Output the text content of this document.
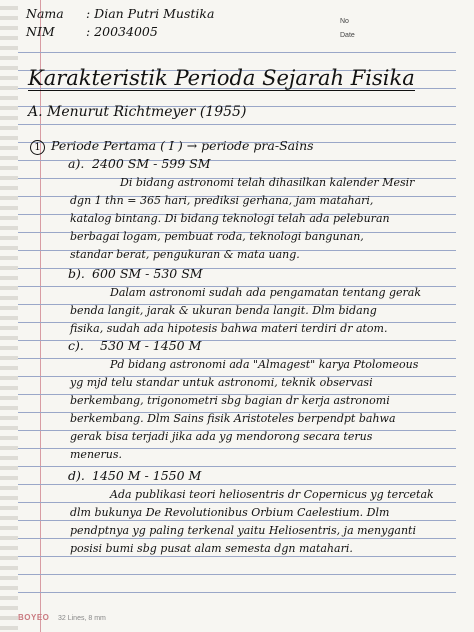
Nama : Dian Putri Mustika
NIM	: 20034005
No
Date
Karakteristik Perioda Sejarah Fisika
A. Menurut Richtmeyer (1955)
1 Periode Pertama ( I ) → periode pra-Sains
a). 2400 SM - 599 SM
Di bidang astronomi telah dihasilkan kalender Mesir
dgn 1 thn = 365 hari, prediksi gerhana, jam matahari,
katalog bintang. Di bidang teknologi telah ada peleburan
berbagai logam, pembuat roda, teknologi bangunan,
standar berat, pengukuran & mata uang.
b). 600 SM - 530 SM
Dalam astronomi sudah ada pengamatan tentang gerak
benda langit, jarak & ukuran benda langit. Dlm bidang
fisika, sudah ada hipotesis bahwa materi terdiri dr atom.
c). 530 M - 1450 M
Pd bidang astronomi ada "Almagest" karya Ptolomeous
yg mjd telu standar untuk astronomi, teknik observasi
berkembang, trigonometri sbg bagian dr kerja astronomi
berkembang. Dlm Sains fisik Aristoteles berpendpt bahwa
gerak bisa terjadi jika ada yg mendorong secara terus
menerus.
d). 1450 M - 1550 M
Ada publikasi teori heliosentris dr Copernicus yg tercetak
dlm bukunya De Revolutionibus Orbium Caelestium. Dlm
pendptnya yg paling terkenal yaitu Heliosentris, ja menyganti
posisi bumi sbg pusat alam semesta dgn matahari.
BOYEO 32 Lines, 8 mm
